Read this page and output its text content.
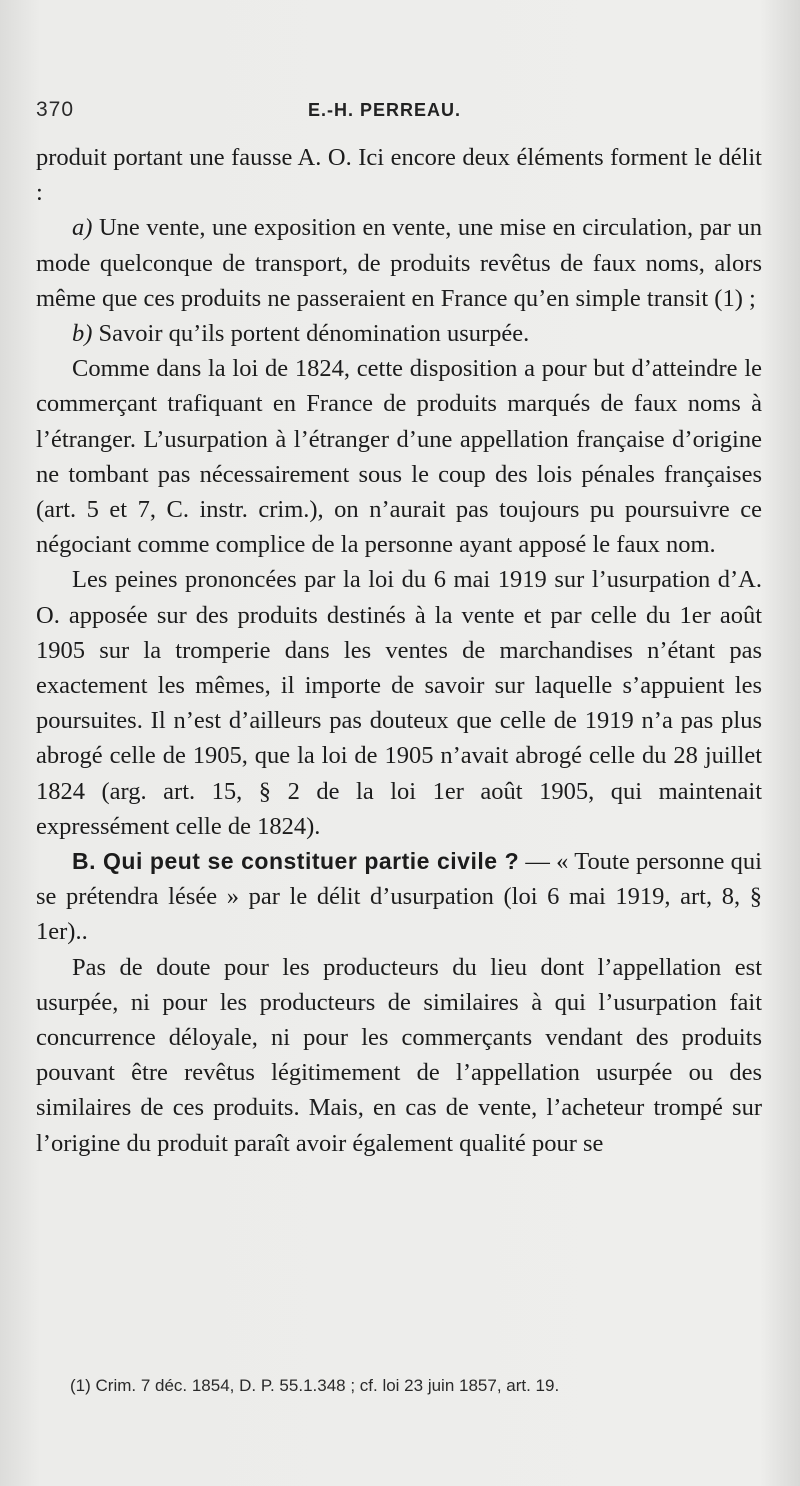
370	E.-H. PERREAU.

produit portant une fausse A. O. Ici encore deux éléments forment le délit :

a) Une vente, une exposition en vente, une mise en circulation, par un mode quelconque de transport, de produits revêtus de faux noms, alors même que ces produits ne passeraient en France qu’en simple transit (1) ;

b) Savoir qu’ils portent dénomination usurpée.

Comme dans la loi de 1824, cette disposition a pour but d’atteindre le commerçant trafiquant en France de produits marqués de faux noms à l’étranger. L’usurpation à l’étranger d’une appellation française d’origine ne tombant pas nécessairement sous le coup des lois pénales françaises (art. 5 et 7, C. instr. crim.), on n’aurait pas toujours pu poursuivre ce négociant comme complice de la personne ayant apposé le faux nom.

Les peines prononcées par la loi du 6 mai 1919 sur l’usurpation d’A. O. apposée sur des produits destinés à la vente et par celle du 1er août 1905 sur la tromperie dans les ventes de marchandises n’étant pas exactement les mêmes, il importe de savoir sur laquelle s’appuient les poursuites. Il n’est d’ailleurs pas douteux que celle de 1919 n’a pas plus abrogé celle de 1905, que la loi de 1905 n’avait abrogé celle du 28 juillet 1824 (arg. art. 15, § 2 de la loi 1er août 1905, qui maintenait expressément celle de 1824).

B. Qui peut se constituer partie civile ? — « Toute personne qui se prétendra lésée » par le délit d’usurpation (loi 6 mai 1919, art, 8, § 1er)..

Pas de doute pour les producteurs du lieu dont l’appellation est usurpée, ni pour les producteurs de similaires à qui l’usurpation fait concurrence déloyale, ni pour les commerçants vendant des produits pouvant être revêtus légitimement de l’appellation usurpée ou des similaires de ces produits. Mais, en cas de vente, l’acheteur trompé sur l’origine du produit paraît avoir également qualité pour se

(1) Crim. 7 déc. 1854, D. P. 55.1.348 ; cf. loi 23 juin 1857, art. 19.
